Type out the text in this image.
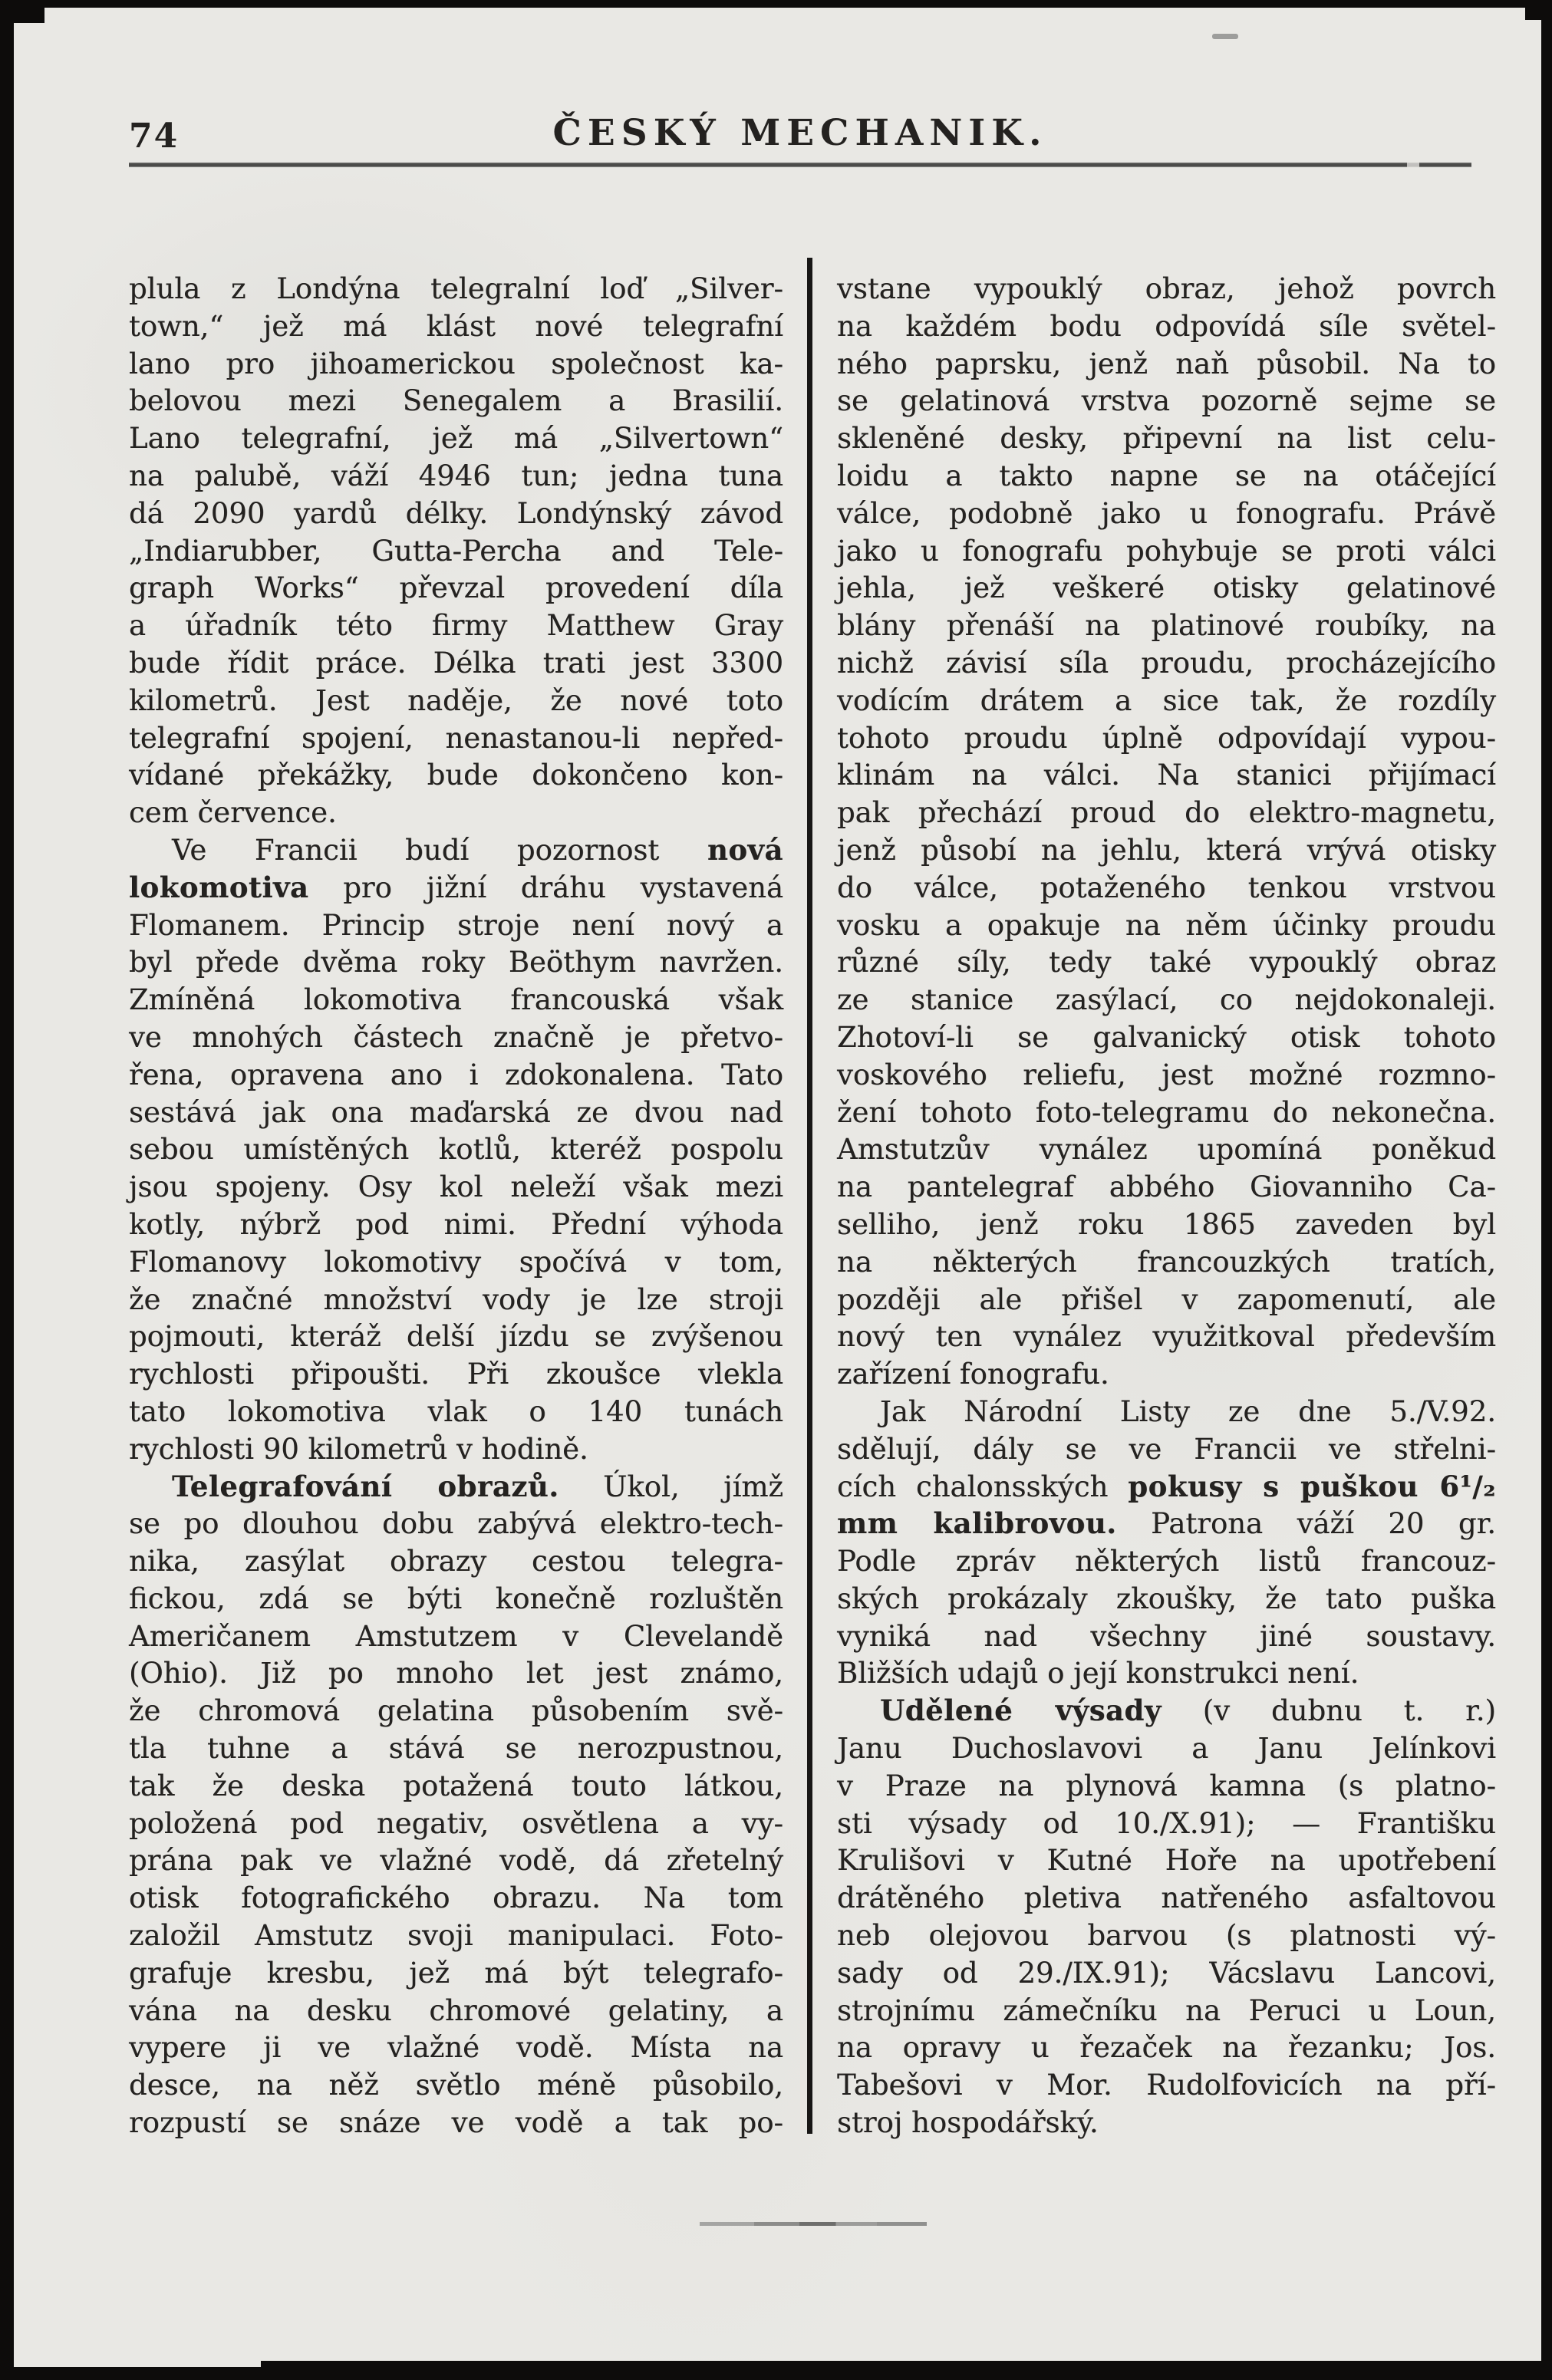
74	ČESKÝ MECHANIK.

plula z Londýna telegralní loď „Silver-

town,“ jež má klást nové telegrafní

lano pro jihoamerickou společnost ka-

belovou mezi Senegalem a Brasilií.

Lano telegrafní, jež má „Silvertown“

na palubě, váží 4946 tun; jedna tuna

dá 2090 yardů délky. Londýnský závod

„Indiarubber, Gutta-Percha and Tele-

graph Works“ převzal provedení díla

a úřadník této firmy Matthew Gray

bude řídit práce. Délka trati jest 3300

kilometrů. Jest naděje, že nové toto

telegrafní spojení, nenastanou-li nepřed-

vídané překážky, bude dokončeno kon-

cem července.

Ve Francii budí pozornost nová

lokomotiva pro jižní dráhu vystavená

Flomanem. Princip stroje není nový a

byl přede dvěma roky Beöthym navržen.

Zmíněná lokomotiva francouská však

ve mnohých částech značně je přetvo-

řena, opravena ano i zdokonalena. Tato

sestává jak ona maďarská ze dvou nad

sebou umístěných kotlů, kteréž pospolu

jsou spojeny. Osy kol neleží však mezi

kotly, nýbrž pod nimi. Přední výhoda

Flomanovy lokomotivy spočívá v tom,

že značné množství vody je lze stroji

pojmouti, kteráž delší jízdu se zvýšenou

rychlosti připoušti. Při zkoušce vlekla

tato lokomotiva vlak o 140 tunách

rychlosti 90 kilometrů v hodině.

Telegrafování obrazů. Úkol, jímž

se po dlouhou dobu zabývá elektro-tech-

nika, zasýlat obrazy cestou telegra-

fickou, zdá se býti konečně rozluštěn

Američanem Amstutzem v Clevelandě

(Ohio). Již po mnoho let jest známo,

že chromová gelatina působením svě-

tla tuhne a stává se nerozpustnou,

tak že deska potažená touto látkou,

položená pod negativ, osvětlena a vy-

prána pak ve vlažné vodě, dá zřetelný

otisk fotografického obrazu. Na tom

založil Amstutz svoji manipulaci. Foto-

grafuje kresbu, jež má být telegrafo-

vána na desku chromové gelatiny, a

vypere ji ve vlažné vodě. Místa na

desce, na něž světlo méně působilo,

rozpustí se snáze ve vodě a tak po-

vstane vypouklý obraz, jehož povrch

na každém bodu odpovídá síle světel-

ného paprsku, jenž naň působil. Na to

se gelatinová vrstva pozorně sejme se

skleněné desky, připevní na list celu-

loidu a takto napne se na otáčející

válce, podobně jako u fonografu. Právě

jako u fonografu pohybuje se proti válci

jehla, jež veškeré otisky gelatinové

blány přenáší na platinové roubíky, na

nichž závisí síla proudu, procházejícího

vodícím drátem a sice tak, že rozdíly

tohoto proudu úplně odpovídají vypou-

klinám na válci. Na stanici přijímací

pak přechází proud do elektro-magnetu,

jenž působí na jehlu, která vrývá otisky

do válce, potaženého tenkou vrstvou

vosku a opakuje na něm účinky proudu

různé síly, tedy také vypouklý obraz

ze stanice zasýlací, co nejdokonaleji.

Zhotoví-li se galvanický otisk tohoto

voskového reliefu, jest možné rozmno-

žení tohoto foto-telegramu do nekonečna.

Amstutzův vynález upomíná poněkud

na pantelegraf abbého Giovanniho Ca-

selliho, jenž roku 1865 zaveden byl

na některých francouzkých tratích,

později ale přišel v zapomenutí, ale

nový ten vynález využitkoval především

zařízení fonografu.

Jak Národní Listy ze dne 5./V.92.

sdělují, dály se ve Francii ve střelni-

cích chalonsských pokusy s puškou 6¹/₂

mm kalibrovou. Patrona váží 20 gr.

Podle zpráv některých listů francouz-

ských prokázaly zkoušky, že tato puška

vyniká nad všechny jiné soustavy.

Bližších udajů o její konstrukci není.

Udělené výsady (v dubnu t. r.)

Janu Duchoslavovi a Janu Jelínkovi

v Praze na plynová kamna (s platno-

sti výsady od 10./X.91); — Františku

Krulišovi v Kutné Hoře na upotřebení

drátěného pletiva natřeného asfaltovou

neb olejovou barvou (s platnosti vý-

sady od 29./IX.91); Vácslavu Lancovi,

strojnímu zámečníku na Peruci u Loun,

na opravy u řezaček na řezanku; Jos.

Tabešovi v Mor. Rudolfovicích na pří-

stroj hospodářský.
